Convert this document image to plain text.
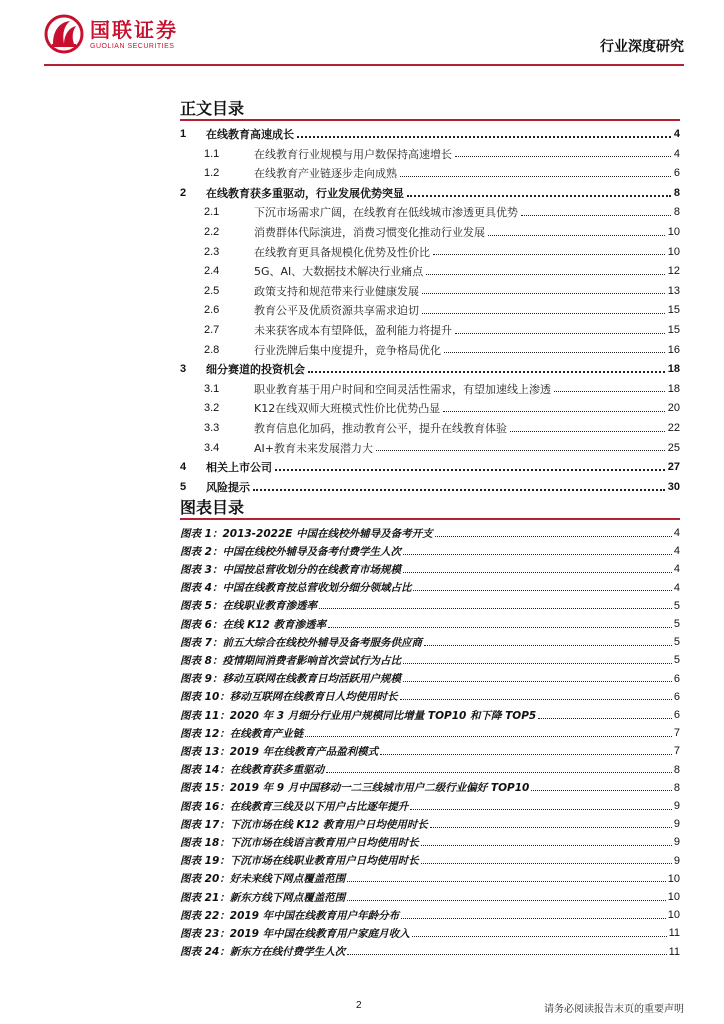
国联证券
GUOLIAN SECURITIES	行业深度研究
正文目录
1	在线教育高速成长	4
1.1	在线教育行业规模与用户数保持高速增长	4
1.2	在线教育产业链逐步走向成熟	6
2	在线教育获多重驱动，行业发展优势突显	8
2.1	下沉市场需求广阔，在线教育在低线城市渗透更具优势	8
2.2	消费群体代际演进，消费习惯变化推动行业发展	10
2.3	在线教育更具备规模化优势及性价比	10
2.4	5G、AI、大数据技术解决行业痛点	12
2.5	政策支持和规范带来行业健康发展	13
2.6	教育公平及优质资源共享需求迫切	15
2.7	未来获客成本有望降低，盈利能力将提升	15
2.8	行业洗牌后集中度提升，竞争格局优化	16
3	细分赛道的投资机会	18
3.1	职业教育基于用户时间和空间灵活性需求，有望加速线上渗透	18
3.2	K12在线双师大班模式性价比优势凸显	20
3.3	教育信息化加码，推动教育公平，提升在线教育体验	22
3.4	AI+教育未来发展潜力大	25
4	相关上市公司	27
5	风险提示	30
图表目录
图表 1：2013-2022E 中国在线校外辅导及备考开支	4
图表 2：中国在线校外辅导及备考付费学生人次	4
图表 3：中国按总营收划分的在线教育市场规模	4
图表 4：中国在线教育按总营收划分细分领域占比	4
图表 5：在线职业教育渗透率	5
图表 6：在线 K12 教育渗透率	5
图表 7：前五大综合在线校外辅导及备考服务供应商	5
图表 8：疫情期间消费者影响首次尝试行为占比	5
图表 9：移动互联网在线教育日均活跃用户规模	6
图表 10：移动互联网在线教育日人均使用时长	6
图表 11：2020 年 3 月细分行业用户规模同比增量 TOP10 和下降 TOP5	6
图表 12：在线教育产业链	7
图表 13：2019 年在线教育产品盈利模式	7
图表 14：在线教育获多重驱动	8
图表 15：2019 年 9 月中国移动一二三线城市用户二级行业偏好 TOP10	8
图表 16：在线教育三线及以下用户占比逐年提升	9
图表 17：下沉市场在线 K12 教育用户日均使用时长	9
图表 18：下沉市场在线语言教育用户日均使用时长	9
图表 19：下沉市场在线职业教育用户日均使用时长	9
图表 20：好未来线下网点覆盖范围	10
图表 21：新东方线下网点覆盖范围	10
图表 22：2019 年中国在线教育用户年龄分布	10
图表 23：2019 年中国在线教育用户家庭月收入	11
图表 24：新东方在线付费学生人次	11
2	请务必阅读报告末页的重要声明
